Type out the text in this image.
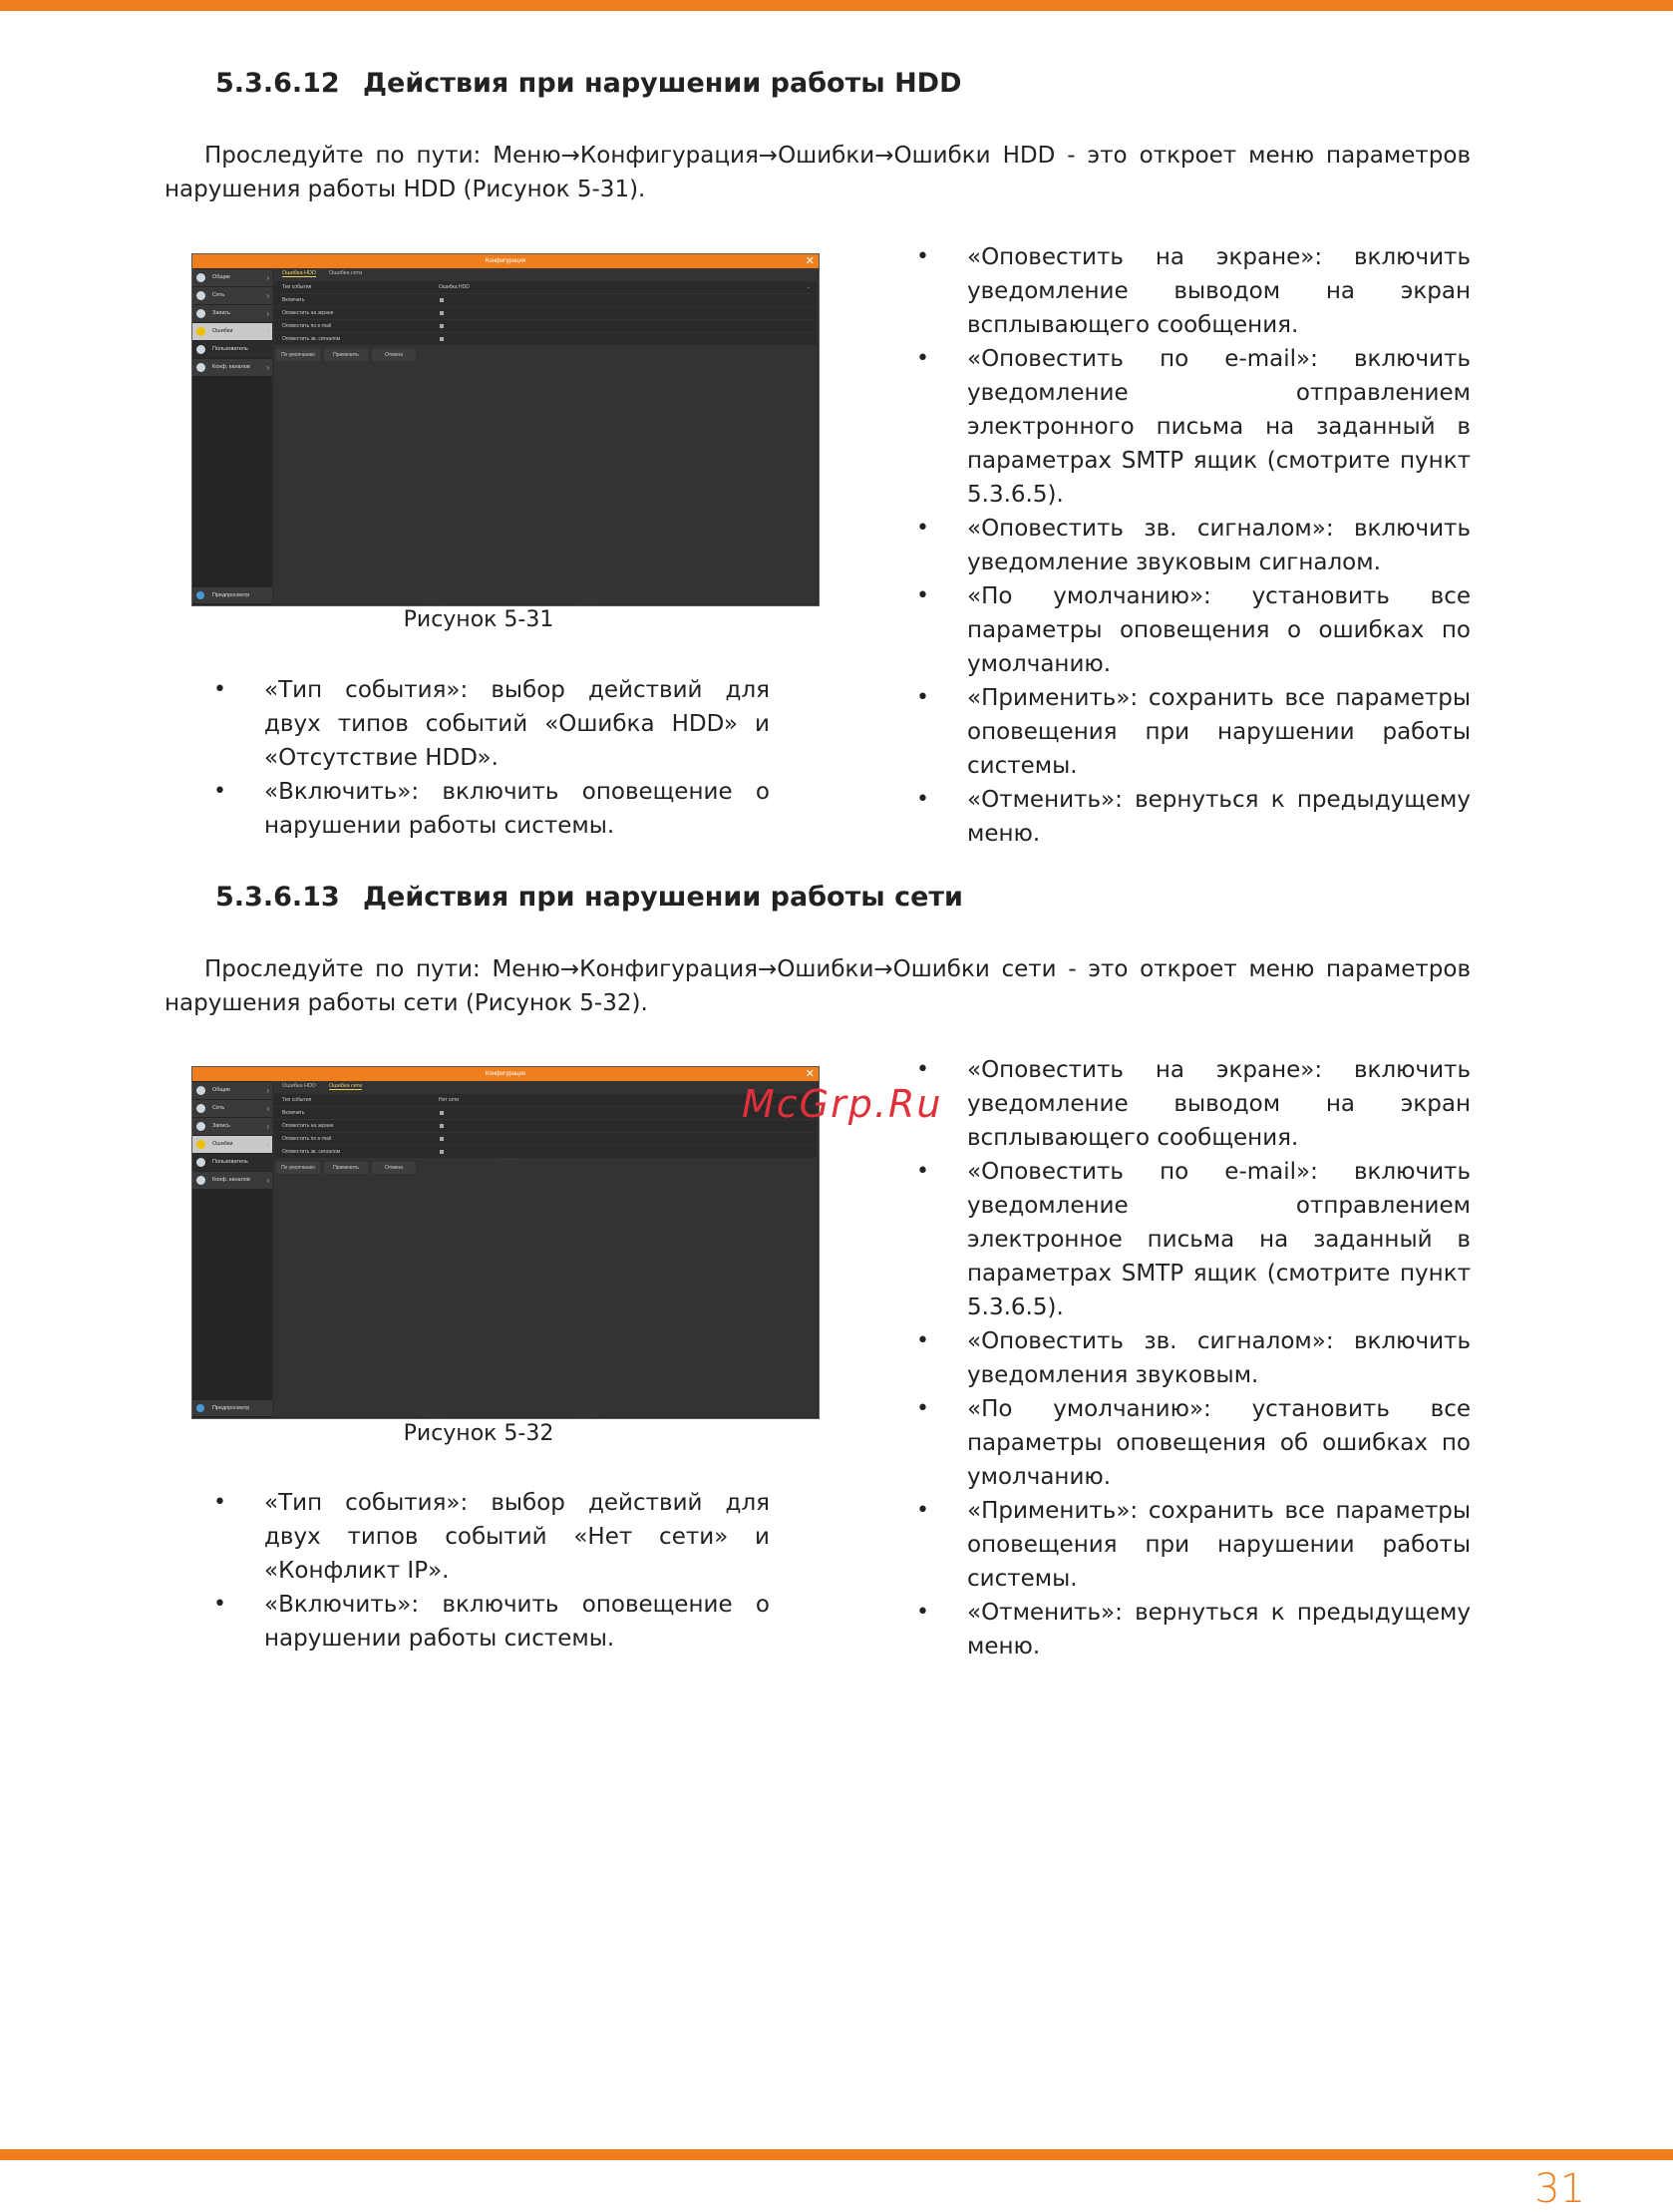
5.3.6.12 Действия при нарушении работы HDD
Проследуйте по пути: Меню→Конфигурация→Ошибки→Ошибки HDD - это откроет меню параметров нарушения работы HDD (Рисунок 5-31).
Конфигурация	✕
Общие	›
Сеть	›
Запись	›
Ошибки	›
Пользователь
Конф. каналов ›
Предпросмотр
Ошибка HDD Ошибка сети
Тип события	Ошибка HDD	⌄
Включить
Оповестить на экране
Оповестить по e-mail
Оповестить зв. сигналом
По умолчанию	Применить	Отмена
Рисунок 5-31
• «Тип события»: выбор действий для двух типов событий «Ошибка HDD» и «Отсутствие HDD».
• «Включить»: включить оповещение о нарушении работы системы.
• «Оповестить на экране»: включить уведомление выводом на экран всплывающего сообщения.
• «Оповестить по e-mail»: включить уведомление отправлением электронного письма на заданный в параметрах SMTP ящик (смотрите пункт 5.3.6.5).
• «Оповестить зв. сигналом»: включить уведомление звуковым сигналом.
• «По умолчанию»: установить все параметры оповещения о ошибках по умолчанию.
• «Применить»: сохранить все параметры оповещения при нарушении работы системы.
• «Отменить»: вернуться к предыдущему меню.
5.3.6.13 Действия при нарушении работы сети
Проследуйте по пути: Меню→Конфигурация→Ошибки→Ошибки сети - это откроет меню параметров нарушения работы сети (Рисунок 5-32).
Конфигурация	✕
Общие	›
Сеть	›
Запись	›
Ошибки	›
Пользователь
Конф. каналов ›
Предпросмотр
Ошибка HDD Ошибка сети
Тип события	Нет сети
Включить
Оповестить на экране
Оповестить по e-mail
Оповестить зв. сигналом
По умолчанию	Применить	Отмена
Рисунок 5-32
• «Тип события»: выбор действий для двух типов событий «Нет сети» и «Конфликт IP».
• «Включить»: включить оповещение о нарушении работы системы.
• «Оповестить на экране»: включить уведомление выводом на экран всплывающего сообщения.
• «Оповестить по e-mail»: включить уведомление отправлением электронное письма на заданный в параметрах SMTP ящик (смотрите пункт 5.3.6.5).
• «Оповестить зв. сигналом»: включить уведомления звуковым.
• «По умолчанию»: установить все параметры оповещения об ошибках по умолчанию.
• «Применить»: сохранить все параметры оповещения при нарушении работы системы.
• «Отменить»: вернуться к предыдущему меню.
McGrp.Ru
31
